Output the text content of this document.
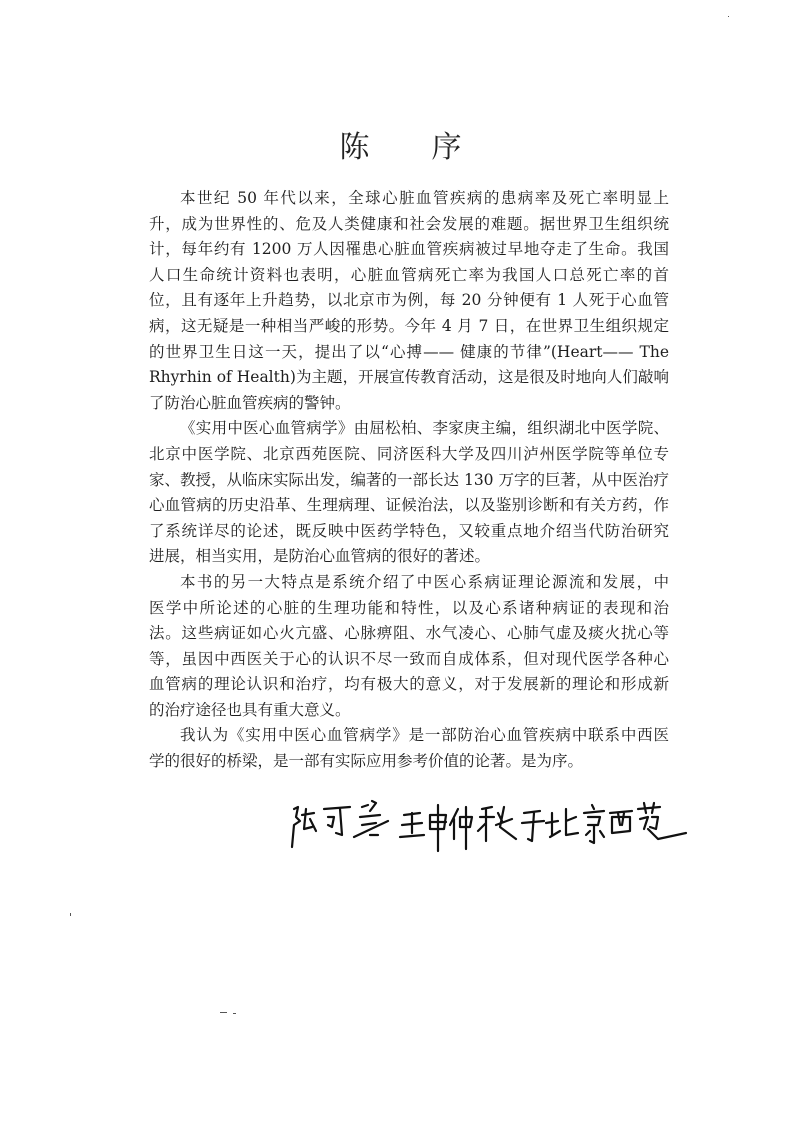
陈 序
本世纪 50 年代以来，全球心脏血管疾病的患病率及死亡率明显上
升，成为世界性的、危及人类健康和社会发展的难题。据世界卫生组织统
计，每年约有 1200 万人因罹患心脏血管疾病被过早地夺走了生命。我国
人口生命统计资料也表明，心脏血管病死亡率为我国人口总死亡率的首
位，且有逐年上升趋势，以北京市为例，每 20 分钟便有 1 人死于心血管
病，这无疑是一种相当严峻的形势。今年 4 月 7 日，在世界卫生组织规定
的世界卫生日这一天，提出了以“心搏—— 健康的节律”(Heart—— The
Rhyrhin of Health)为主题，开展宣传教育活动，这是很及时地向人们敲响
了防治心脏血管疾病的警钟。
《实用中医心血管病学》由屈松柏、李家庚主编，组织湖北中医学院、
北京中医学院、北京西苑医院、同济医科大学及四川泸州医学院等单位专
家、教授，从临床实际出发，编著的一部长达 130 万字的巨著，从中医治疗
心血管病的历史沿革、生理病理、证候治法，以及鉴别诊断和有关方药，作
了系统详尽的论述，既反映中医药学特色，又较重点地介绍当代防治研究
进展，相当实用，是防治心血管病的很好的著述。
本书的另一大特点是系统介绍了中医心系病证理论源流和发展，中
医学中所论述的心脏的生理功能和特性，以及心系诸种病证的表现和治
法。这些病证如心火亢盛、心脉痹阻、水气凌心、心肺气虚及痰火扰心等
等，虽因中西医关于心的认识不尽一致而自成体系，但对现代医学各种心
血管病的理论认识和治疗，均有极大的意义，对于发展新的理论和形成新
的治疗途径也具有重大意义。
我认为《实用中医心血管病学》是一部防治心血管疾病中联系中西医
学的很好的桥梁，是一部有实际应用参考价值的论著。是为序。
